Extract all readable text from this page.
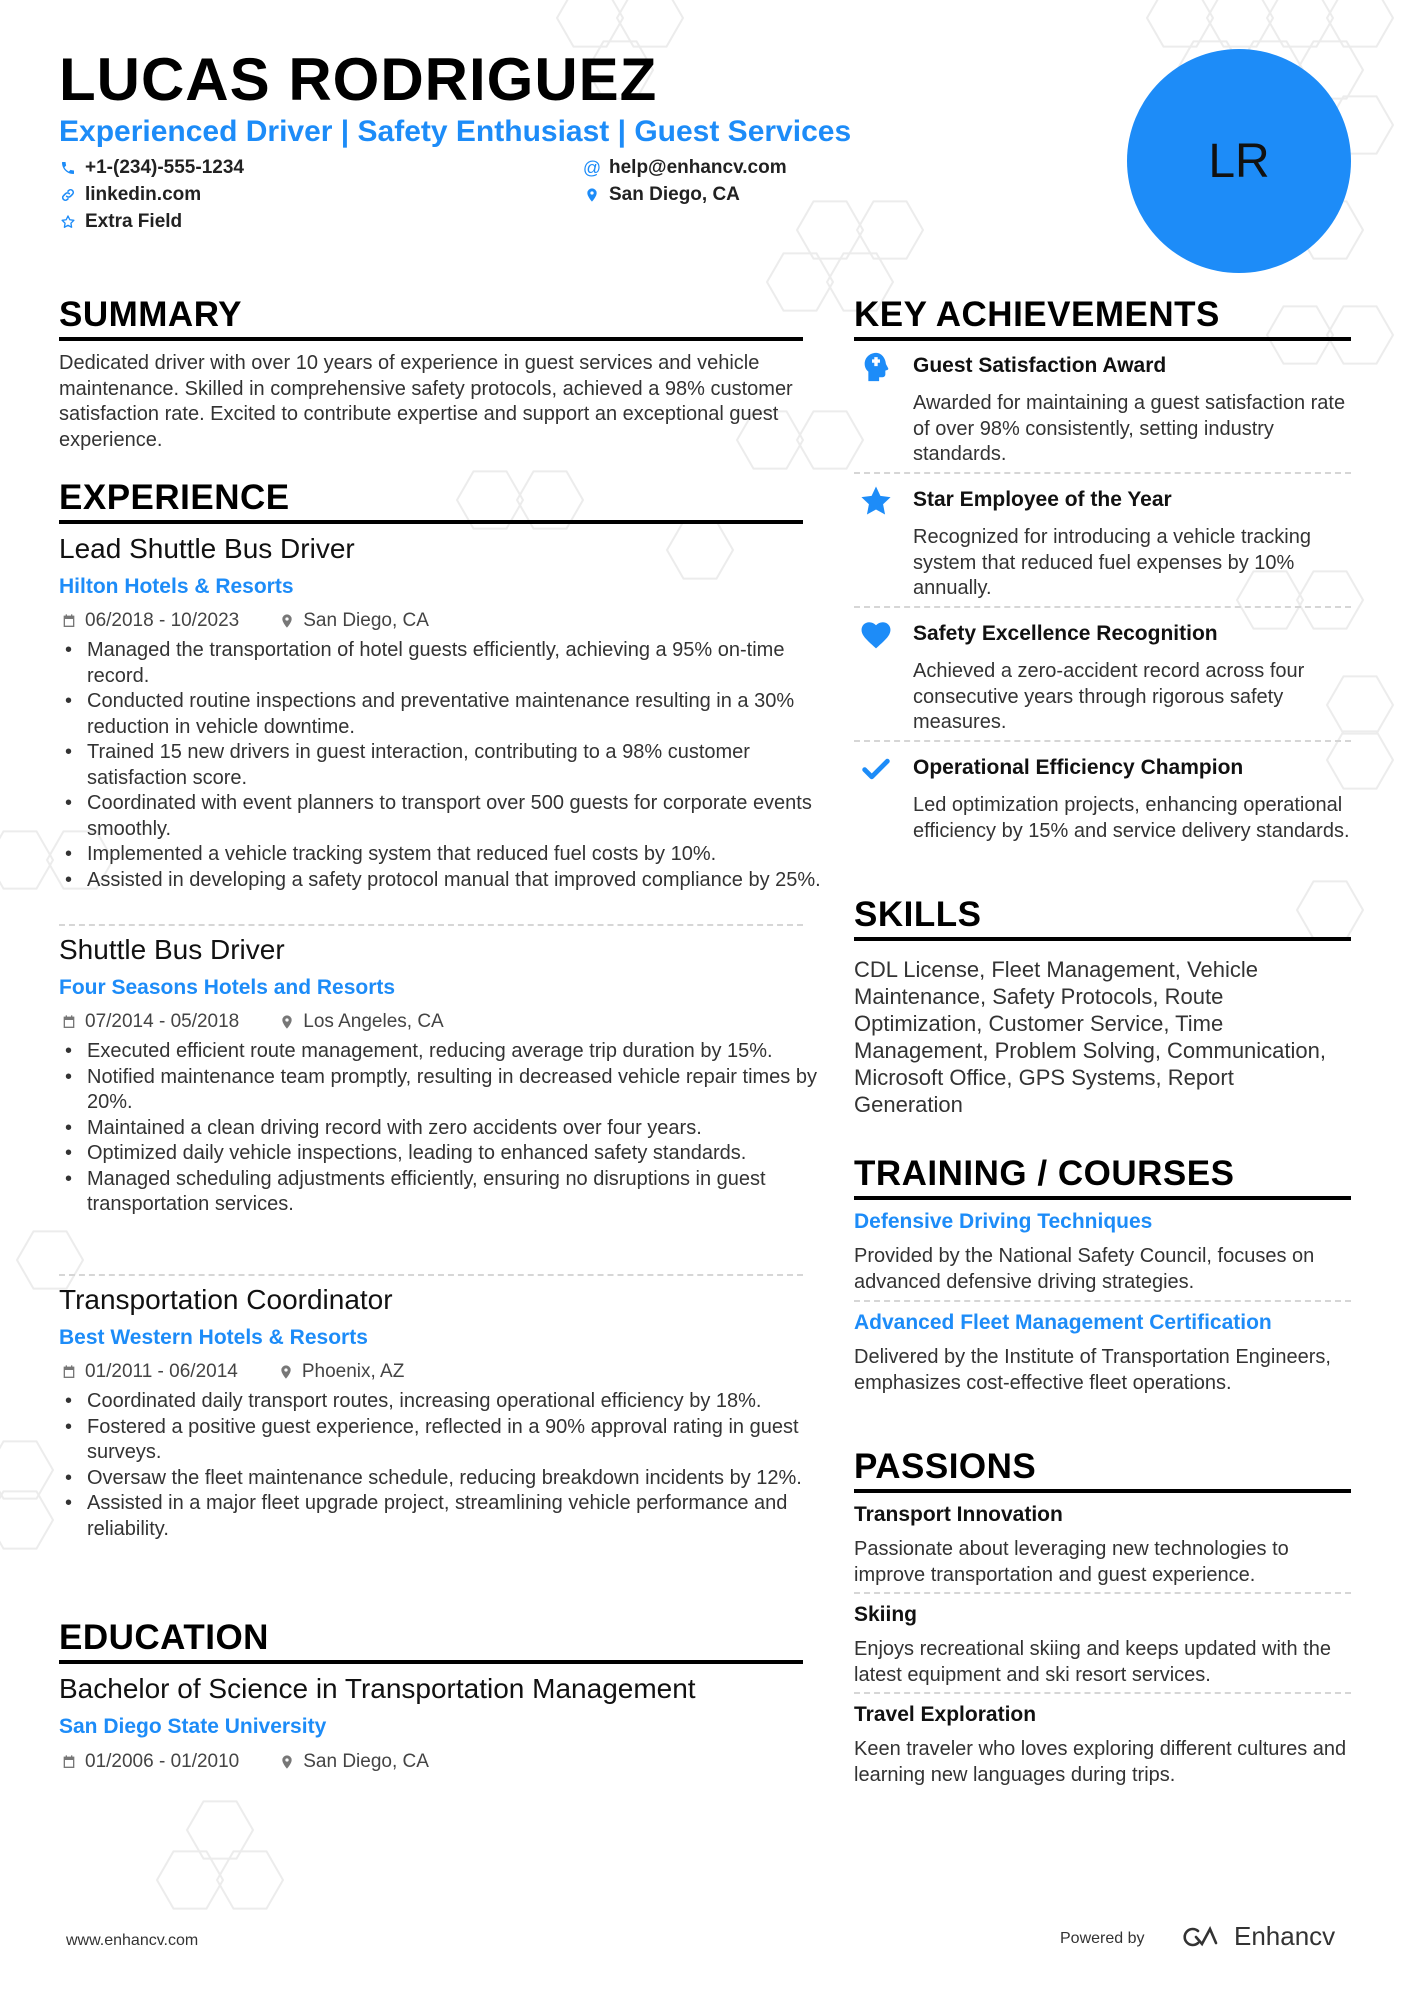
LUCAS RODRIGUEZ
Experienced Driver | Safety Enthusiast | Guest Services
+1-(234)-555-1234	@ help@enhancv.com
linkedin.com	San Diego, CA
Extra Field
LR
SUMMARY
Dedicated driver with over 10 years of experience in guest services and vehicle maintenance. Skilled in comprehensive safety protocols, achieved a 98% customer satisfaction rate. Excited to contribute expertise and support an exceptional guest experience.
EXPERIENCE
Lead Shuttle Bus Driver
Hilton Hotels & Resorts
06/2018 - 10/2023	San Diego, CA
• Managed the transportation of hotel guests efficiently, achieving a 95% on-time record.
• Conducted routine inspections and preventative maintenance resulting in a 30% reduction in vehicle downtime.
• Trained 15 new drivers in guest interaction, contributing to a 98% customer satisfaction score.
• Coordinated with event planners to transport over 500 guests for corporate events smoothly.
• Implemented a vehicle tracking system that reduced fuel costs by 10%.
• Assisted in developing a safety protocol manual that improved compliance by 25%.
Shuttle Bus Driver
Four Seasons Hotels and Resorts
07/2014 - 05/2018	Los Angeles, CA
• Executed efficient route management, reducing average trip duration by 15%.
• Notified maintenance team promptly, resulting in decreased vehicle repair times by 20%.
• Maintained a clean driving record with zero accidents over four years.
• Optimized daily vehicle inspections, leading to enhanced safety standards.
• Managed scheduling adjustments efficiently, ensuring no disruptions in guest transportation services.
Transportation Coordinator
Best Western Hotels & Resorts
01/2011 - 06/2014	Phoenix, AZ
• Coordinated daily transport routes, increasing operational efficiency by 18%.
• Fostered a positive guest experience, reflected in a 90% approval rating in guest surveys.
• Oversaw the fleet maintenance schedule, reducing breakdown incidents by 12%.
• Assisted in a major fleet upgrade project, streamlining vehicle performance and reliability.
EDUCATION
Bachelor of Science in Transportation Management
San Diego State University
01/2006 - 01/2010	San Diego, CA
KEY ACHIEVEMENTS
Guest Satisfaction Award
Awarded for maintaining a guest satisfaction rate of over 98% consistently, setting industry standards.
Star Employee of the Year
Recognized for introducing a vehicle tracking system that reduced fuel expenses by 10% annually.
Safety Excellence Recognition
Achieved a zero-accident record across four consecutive years through rigorous safety measures.
Operational Efficiency Champion
Led optimization projects, enhancing operational efficiency by 15% and service delivery standards.
SKILLS
CDL License, Fleet Management, Vehicle Maintenance, Safety Protocols, Route Optimization, Customer Service, Time Management, Problem Solving, Communication, Microsoft Office, GPS Systems, Report Generation
TRAINING / COURSES
Defensive Driving Techniques
Provided by the National Safety Council, focuses on advanced defensive driving strategies.
Advanced Fleet Management Certification
Delivered by the Institute of Transportation Engineers, emphasizes cost-effective fleet operations.
PASSIONS
Transport Innovation
Passionate about leveraging new technologies to improve transportation and guest experience.
Skiing
Enjoys recreational skiing and keeps updated with the latest equipment and ski resort services.
Travel Exploration
Keen traveler who loves exploring different cultures and learning new languages during trips.
www.enhancv.com	Powered by	Enhancv
